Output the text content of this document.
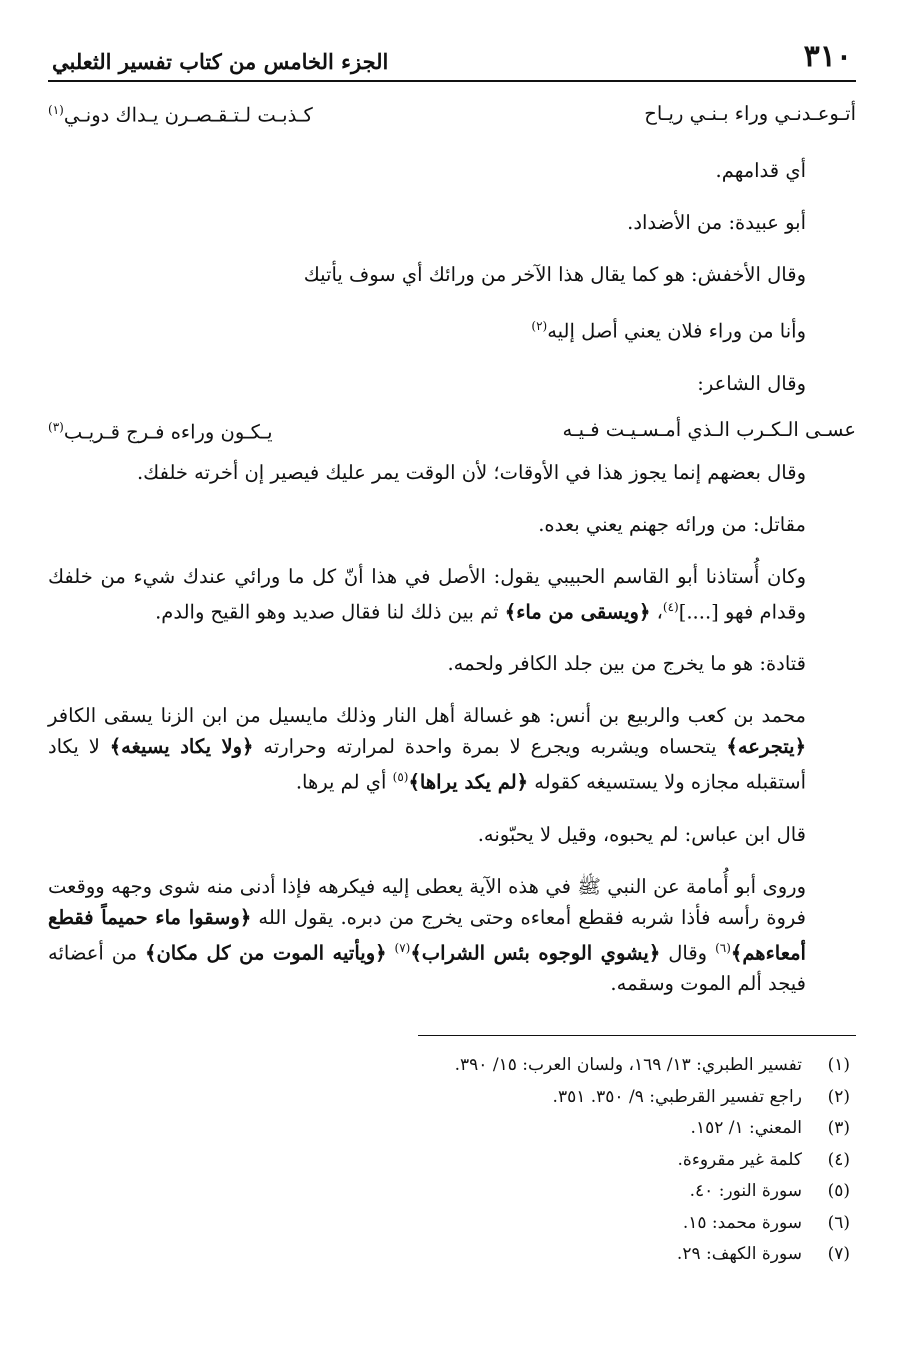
٣١٠
الجزء الخامس من كتاب تفسير الثعلبي
أتـوعـدنـي وراء بـنـي ريـاح
كـذبـت لـتـقـصـرن يـداك دونـي$^{(١)}$

أي قدامهم.

أبو عبيدة: من الأضداد.

وقال الأخفش: هو كما يقال هذا الآخر من ورائك أي سوف يأتيك

وأنا من وراء فلان يعني أصل إليه$^{(٢)}$

وقال الشاعر:

عسـى الـكـرب الـذي أمـسـيـت فـيـه
يـكـون وراءه فـرج قـريـب$^{(٣)}$

وقال بعضهم إنما يجوز هذا في الأوقات؛ لأن الوقت يمر عليك فيصير إن أخرته خلفك.

مقاتل: من ورائه جهنم يعني بعده.

وكان أُستاذنا أبو القاسم الحبيبي يقول: الأصل في هذا أنّ كل ما ورائي عندك شيء من خلفك وقدام فهو [....]$^{(٤)}$، ﴿ويسقى من ماء﴾ ثم بين ذلك لنا فقال صديد وهو القيح والدم.

قتادة: هو ما يخرج من بين جلد الكافر ولحمه.

محمد بن كعب والربيع بن أنس: هو غسالة أهل النار وذلك مايسيل من ابن الزنا يسقى الكافر ﴿يتجرعه﴾ يتحساه ويشربه ويجرع لا بمرة واحدة لمرارته وحرارته ﴿ولا يكاد يسيغه﴾ لا يكاد أستقبله مجازه ولا يستسيغه كقوله ﴿لم يكد يراها﴾$^{(٥)}$ أي لم يرها.

قال ابن عباس: لم يحبوه، وقيل لا يحبّونه.

وروى أبو أُمامة عن النبي ﷺ في هذه الآية يعطى إليه فيكرهه فإذا أدنى منه شوى وجهه ووقعت فروة رأسه فأذا شربه فقطع أمعاءه وحتى يخرج من دبره. يقول الله ﴿وسقوا ماء حميماً فقطع أمعاءهم﴾$^{(٦)}$ وقال ﴿يشوي الوجوه بئس الشراب﴾$^{(٧)}$ ﴿ويأتيه الموت من كل مكان﴾ من أعضائه فيجد ألم الموت وسقمه.

(١)
تفسير الطبري: ١٣/ ١٦٩، ولسان العرب: ١٥/ ٣٩٠.
(٢)
راجع تفسير القرطبي: ٩/ ٣٥٠. ٣٥١.
(٣)
المعني: ١/ ١٥٢.
(٤)
كلمة غير مقروءة.
(٥)
سورة النور: ٤٠.
(٦)
سورة محمد: ١٥.
(٧)
سورة الكهف: ٢٩.
